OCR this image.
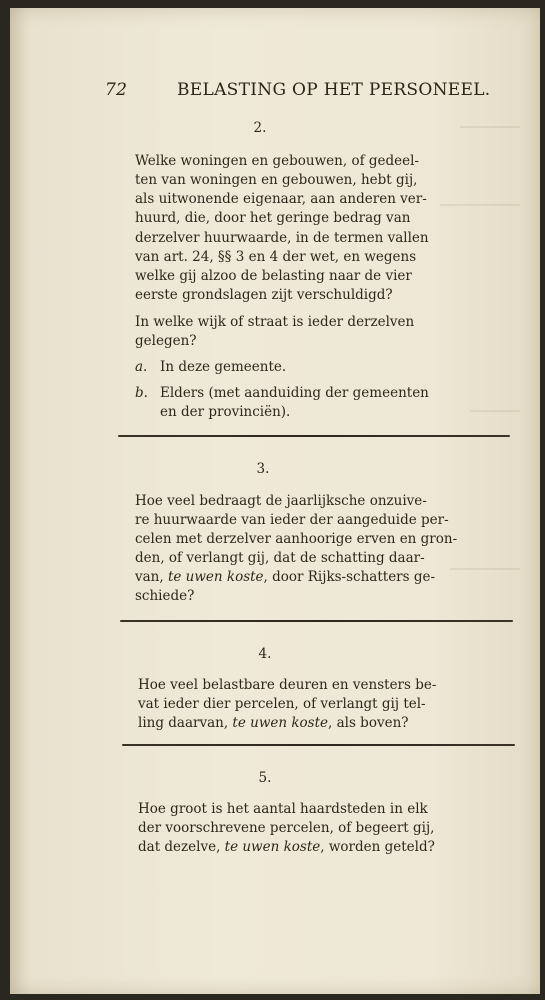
72	BELASTING OP HET PERSONEEL.
2.
Welke woningen en gebouwen, of gedeel-
ten van woningen en gebouwen, hebt gij,
als uitwonende eigenaar, aan anderen ver-
huurd, die, door het geringe bedrag van
derzelver huurwaarde, in de termen vallen
van art. 24, §§ 3 en 4 der wet, en wegens
welke gij alzoo de belasting naar de vier
eerste grondslagen zijt verschuldigd?
In welke wijk of straat is ieder derzelven
gelegen?
a. In deze gemeente.
b. Elders (met aanduiding der gemeenten
en der provinciën).
3.
Hoe veel bedraagt de jaarlijksche onzuive-
re huurwaarde van ieder der aangeduide per-
celen met derzelver aanhoorige erven en gron-
den, of verlangt gij, dat de schatting daar-
van, te uwen koste, door Rijks-schatters ge-
schiede?
4.
Hoe veel belastbare deuren en vensters be-
vat ieder dier percelen, of verlangt gij tel-
ling daarvan, te uwen koste, als boven?
5.
Hoe groot is het aantal haardsteden in elk
der voorschrevene percelen, of begeert gij,
dat dezelve, te uwen koste, worden geteld?
